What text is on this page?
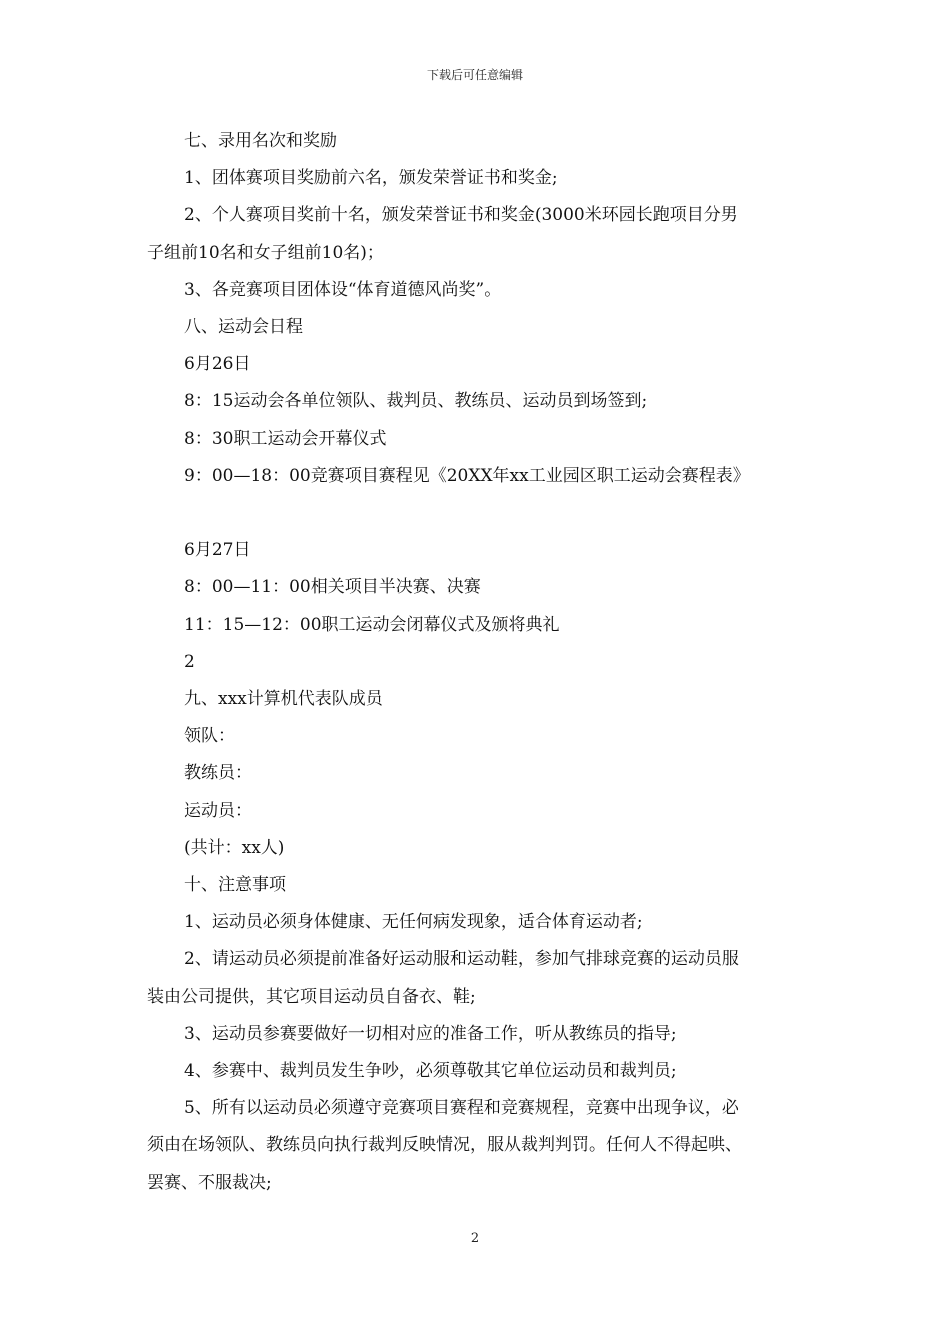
下载后可任意编辑
七、录用名次和奖励
1、团体赛项目奖励前六名，颁发荣誉证书和奖金;
2、个人赛项目奖前十名，颁发荣誉证书和奖金(3000米环园长跑项目分男
子组前10名和女子组前10名)；
3、各竞赛项目团体设“体育道德风尚奖”。
八、运动会日程
6月26日
8：15运动会各单位领队、裁判员、教练员、运动员到场签到;
8：30职工运动会开幕仪式
9：00—18：00竞赛项目赛程见《20XX年xx工业园区职工运动会赛程表》
6月27日
8：00—11：00相关项目半决赛、决赛
11：15—12：00职工运动会闭幕仪式及颁将典礼
2
九、xxx计算机代表队成员
领队：
教练员：
运动员：
(共计：xx人)
十、注意事项
1、运动员必须身体健康、无任何病发现象，适合体育运动者;
2、请运动员必须提前准备好运动服和运动鞋，参加气排球竞赛的运动员服
装由公司提供，其它项目运动员自备衣、鞋;
3、运动员参赛要做好一切相对应的准备工作，听从教练员的指导;
4、参赛中、裁判员发生争吵，必须尊敬其它单位运动员和裁判员;
5、所有以运动员必须遵守竞赛项目赛程和竞赛规程，竞赛中出现争议，必
须由在场领队、教练员向执行裁判反映情况，服从裁判判罚。任何人不得起哄、
罢赛、不服裁决;
2
